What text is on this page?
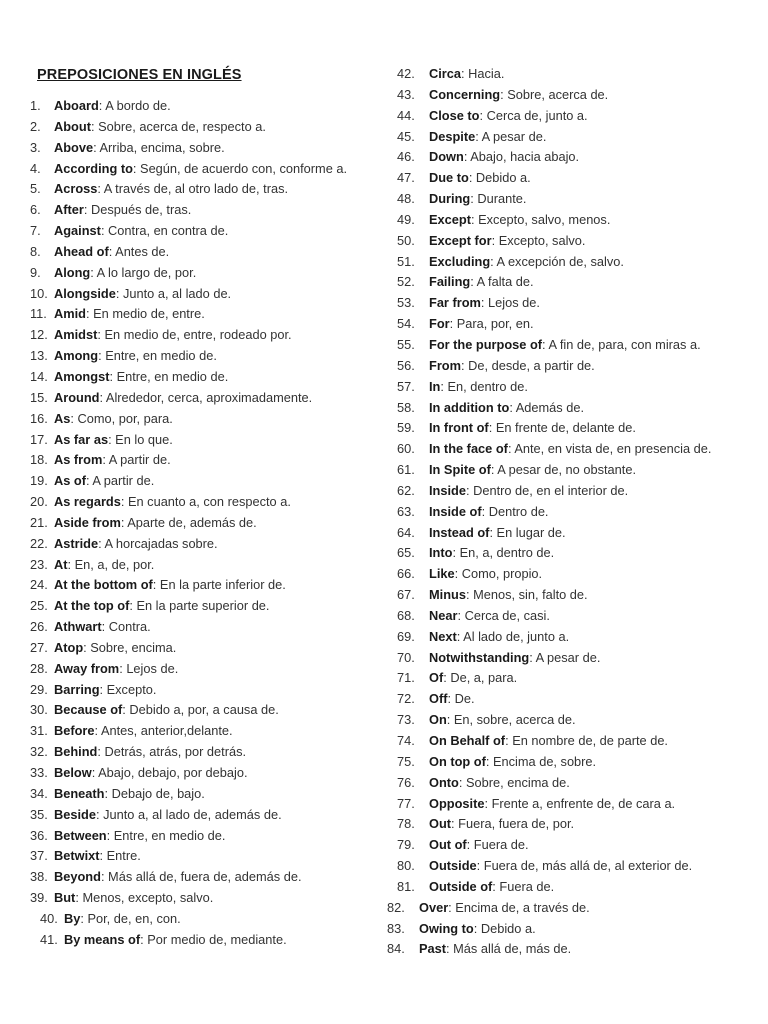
PREPOSICIONES EN INGLÉS
1. Aboard: A bordo de.
2. About: Sobre, acerca de, respecto a.
3. Above: Arriba, encima, sobre.
4. According to: Según, de acuerdo con, conforme a.
5. Across: A través de, al otro lado de, tras.
6. After: Después de, tras.
7. Against: Contra, en contra de.
8. Ahead of: Antes de.
9. Along: A lo largo de, por.
10. Alongside: Junto a, al lado de.
11. Amid: En medio de, entre.
12. Amidst: En medio de, entre, rodeado por.
13. Among: Entre, en medio de.
14. Amongst: Entre, en medio de.
15. Around: Alrededor, cerca, aproximadamente.
16. As: Como, por, para.
17. As far as: En lo que.
18. As from: A partir de.
19. As of: A partir de.
20. As regards: En cuanto a, con respecto a.
21. Aside from: Aparte de, además de.
22. Astride: A horcajadas sobre.
23. At: En, a, de, por.
24. At the bottom of: En la parte inferior de.
25. At the top of: En la parte superior de.
26. Athwart: Contra.
27. Atop: Sobre, encima.
28. Away from: Lejos de.
29. Barring: Excepto.
30. Because of: Debido a, por, a causa de.
31. Before: Antes, anterior,delante.
32. Behind: Detrás, atrás, por detrás.
33. Below: Abajo, debajo, por debajo.
34. Beneath: Debajo de, bajo.
35. Beside: Junto a, al lado de, además de.
36. Between: Entre, en medio de.
37. Betwixt: Entre.
38. Beyond: Más allá de, fuera de, además de.
39. But: Menos, excepto, salvo.
40. By: Por, de, en, con.
41. By means of: Por medio de, mediante.
42. Circa: Hacia.
43. Concerning: Sobre, acerca de.
44. Close to: Cerca de, junto a.
45. Despite: A pesar de.
46. Down: Abajo, hacia abajo.
47. Due to: Debido a.
48. During: Durante.
49. Except: Excepto, salvo, menos.
50. Except for: Excepto, salvo.
51. Excluding: A excepción de, salvo.
52. Failing: A falta de.
53. Far from: Lejos de.
54. For: Para, por, en.
55. For the purpose of: A fin de, para, con miras a.
56. From: De, desde, a partir de.
57. In: En, dentro de.
58. In addition to: Además de.
59. In front of: En frente de, delante de.
60. In the face of: Ante, en vista de, en presencia de.
61. In Spite of: A pesar de, no obstante.
62. Inside: Dentro de, en el interior de.
63. Inside of: Dentro de.
64. Instead of: En lugar de.
65. Into: En, a, dentro de.
66. Like: Como, propio.
67. Minus: Menos, sin, falto de.
68. Near: Cerca de, casi.
69. Next: Al lado de, junto a.
70. Notwithstanding: A pesar de.
71. Of: De, a, para.
72. Off: De.
73. On: En, sobre, acerca de.
74. On Behalf of: En nombre de, de parte de.
75. On top of: Encima de, sobre.
76. Onto: Sobre, encima de.
77. Opposite: Frente a, enfrente de, de cara a.
78. Out: Fuera, fuera de, por.
79. Out of: Fuera de.
80. Outside: Fuera de, más allá de, al exterior de.
81. Outside of: Fuera de.
82. Over: Encima de, a través de.
83. Owing to: Debido a.
84. Past: Más allá de, más de.
